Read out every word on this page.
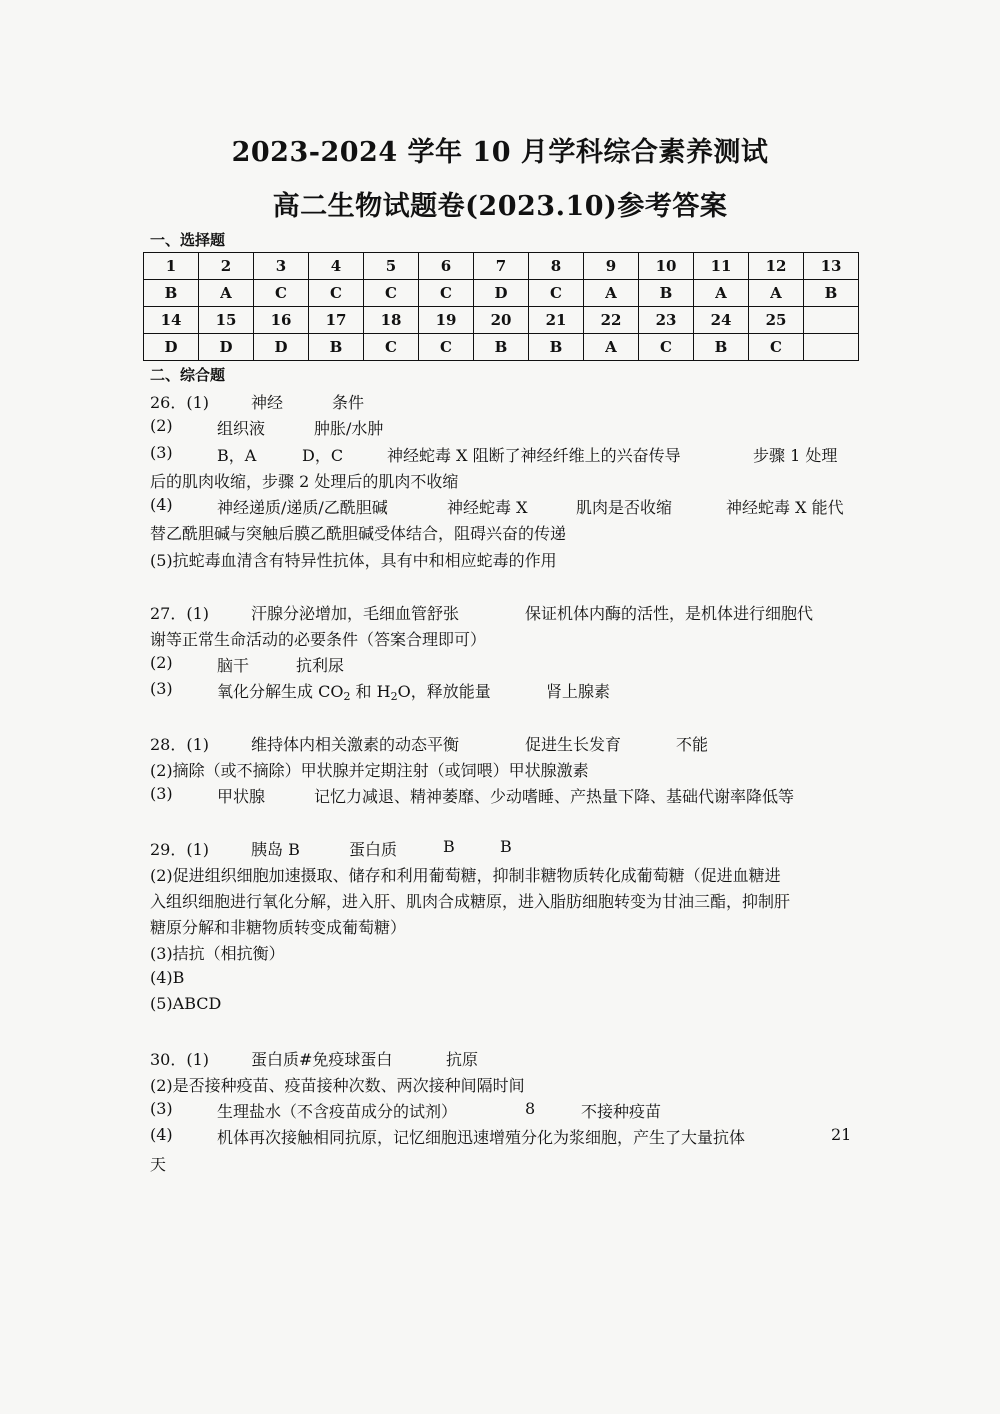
2023-2024 学年 10 月学科综合素养测试
高二生物试题卷(2023.10)参考答案
一、选择题
1	2	3	4	5	6	7	8	9	10	11	12	13
B	A	C	C	C	C	D	C	A	B	A	A	B
14	15	16	17	18	19	20	21	22	23	24	25	
D	D	D	B	C	C	B	B	A	C	B	C	
二、综合题
26．(1)	神经	条件
(2)	组织液	肿胀/水肿
(3)	B，A	D，C	神经蛇毒 X 阻断了神经纤维上的兴奋传导	步骤 1 处理
后的肌肉收缩，步骤 2 处理后的肌肉不收缩
(4)	神经递质/递质/乙酰胆碱	神经蛇毒 X	肌肉是否收缩	神经蛇毒 X 能代
替乙酰胆碱与突触后膜乙酰胆碱受体结合，阻碍兴奋的传递
(5)抗蛇毒血清含有特异性抗体，具有中和相应蛇毒的作用
27．(1)	汗腺分泌增加，毛细血管舒张	保证机体内酶的活性，是机体进行细胞代
谢等正常生命活动的必要条件（答案合理即可）
(2)	脑干	抗利尿
(3)	氧化分解生成 $CO_2$ 和 $H_2O$，释放能量	肾上腺素
28．(1)	维持体内相关激素的动态平衡	促进生长发育	不能
(2)摘除（或不摘除）甲状腺并定期注射（或饲喂）甲状腺激素
(3)	甲状腺	记忆力减退、精神萎靡、少动嗜睡、产热量下降、基础代谢率降低等
29．(1)	胰岛 B	蛋白质	B	B
(2)促进组织细胞加速摄取、储存和利用葡萄糖，抑制非糖物质转化成葡萄糖（促进血糖进
入组织细胞进行氧化分解，进入肝、肌肉合成糖原，进入脂肪细胞转变为甘油三酯，抑制肝
糖原分解和非糖物质转变成葡萄糖）
(3)拮抗（相抗衡）
(4)B
(5)ABCD
30．(1)	蛋白质#免疫球蛋白	抗原
(2)是否接种疫苗、疫苗接种次数、两次接种间隔时间
(3)	生理盐水（不含疫苗成分的试剂）	8	不接种疫苗
(4)	机体再次接触相同抗原，记忆细胞迅速增殖分化为浆细胞，产生了大量抗体	21
天
